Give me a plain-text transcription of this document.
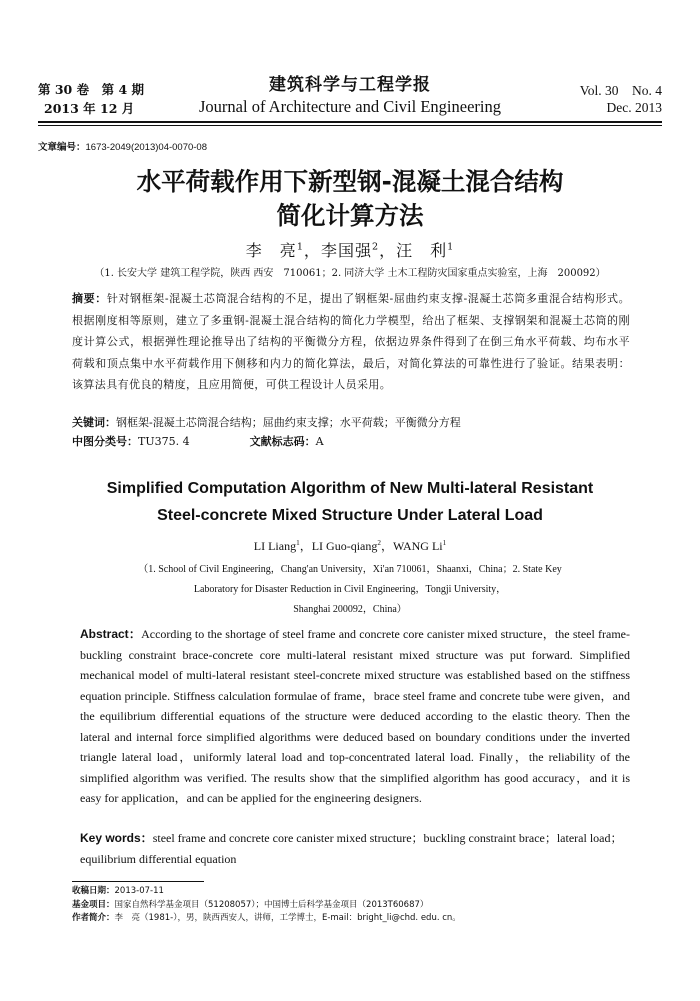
第 30 卷　第 4 期
2013 年 12 月
建筑科学与工程学报
Journal of Architecture and Civil Engineering
Vol. 30　No. 4
Dec. 2013
文章编号：1673-2049(2013)04-0070-08
水平荷载作用下新型钢-混凝土混合结构
简化计算方法
李　亮$^1$，李国强$^2$，汪　利$^1$
（1. 长安大学 建筑工程学院，陕西 西安　710061；2. 同济大学 土木工程防灾国家重点实验室，上海　200092）
摘要：针对钢框架-混凝土芯筒混合结构的不足，提出了钢框架-屈曲约束支撑-混凝土芯筒多重混合结构形式。根据刚度相等原则，建立了多重钢-混凝土混合结构的简化力学模型，给出了框架、支撑钢架和混凝土芯筒的刚度计算公式，根据弹性理论推导出了结构的平衡微分方程，依据边界条件得到了在倒三角水平荷载、均布水平荷载和顶点集中水平荷载作用下侧移和内力的简化算法，最后，对简化算法的可靠性进行了验证。结果表明：该算法具有优良的精度，且应用简便，可供工程设计人员采用。
关键词：钢框架-混凝土芯筒混合结构；屈曲约束支撑；水平荷载；平衡微分方程
中图分类号：TU375. 4	文献标志码：A
Simplified Computation Algorithm of New Multi-lateral Resistant
Steel-concrete Mixed Structure Under Lateral Load
LI Liang$^1$，LI Guo-qiang$^2$，WANG Li$^1$
（1. School of Civil Engineering，Chang'an University，Xi'an 710061，Shaanxi，China；2. State Key
Laboratory for Disaster Reduction in Civil Engineering，Tongji University，
Shanghai 200092，China）
Abstract：According to the shortage of steel frame and concrete core canister mixed structure，the steel frame-buckling constraint brace-concrete core multi-lateral resistant mixed structure was put forward. Simplified mechanical model of multi-lateral resistant steel-concrete mixed structure was established based on the stiffness equation principle. Stiffness calculation formulae of frame，brace steel frame and concrete tube were given，and the equilibrium differential equations of the structure were deduced according to the elastic theory. Then the lateral and internal force simplified algorithms were deduced based on boundary conditions under the inverted triangle lateral load，uniformly lateral load and top-concentrated lateral load. Finally，the reliability of the simplified algorithm was verified. The results show that the simplified algorithm has good accuracy，and it is easy for application，and can be applied for the engineering designers.
Key words：steel frame and concrete core canister mixed structure；buckling constraint brace；lateral load；equilibrium differential equation
收稿日期：2013-07-11
基金项目：国家自然科学基金项目（51208057）；中国博士后科学基金项目（2013T60687）
作者简介：李　亮（1981-），男，陕西西安人，讲师，工学博士，E-mail：bright_li@chd. edu. cn。
